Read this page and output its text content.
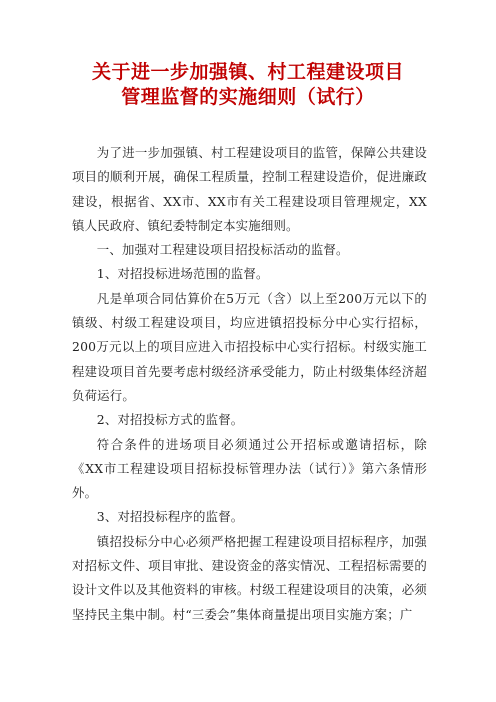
关于进一步加强镇、村工程建设项目
管理监督的实施细则（试行）

为了进一步加强镇、村工程建设项目的监管，保障公共建设项目的顺利开展，确保工程质量，控制工程建设造价，促进廉政建设，根据省、XX市、XX市有关工程建设项目管理规定，XX镇人民政府、镇纪委特制定本实施细则。

一、加强对工程建设项目招投标活动的监督。

1、对招投标进场范围的监督。

凡是单项合同估算价在5万元（含）以上至200万元以下的镇级、村级工程建设项目，均应进镇招投标分中心实行招标，200万元以上的项目应进入市招投标中心实行招标。村级实施工程建设项目首先要考虑村级经济承受能力，防止村级集体经济超负荷运行。

2、对招投标方式的监督。

符合条件的进场项目必须通过公开招标或邀请招标，除《XX市工程建设项目招标投标管理办法（试行）》第六条情形外。

3、对招投标程序的监督。

镇招投标分中心必须严格把握工程建设项目招标程序，加强对招标文件、项目审批、建设资金的落实情况、工程招标需要的设计文件以及其他资料的审核。村级工程建设项目的决策，必须坚持民主集中制。村“三委会”集体商量提出项目实施方案；广
